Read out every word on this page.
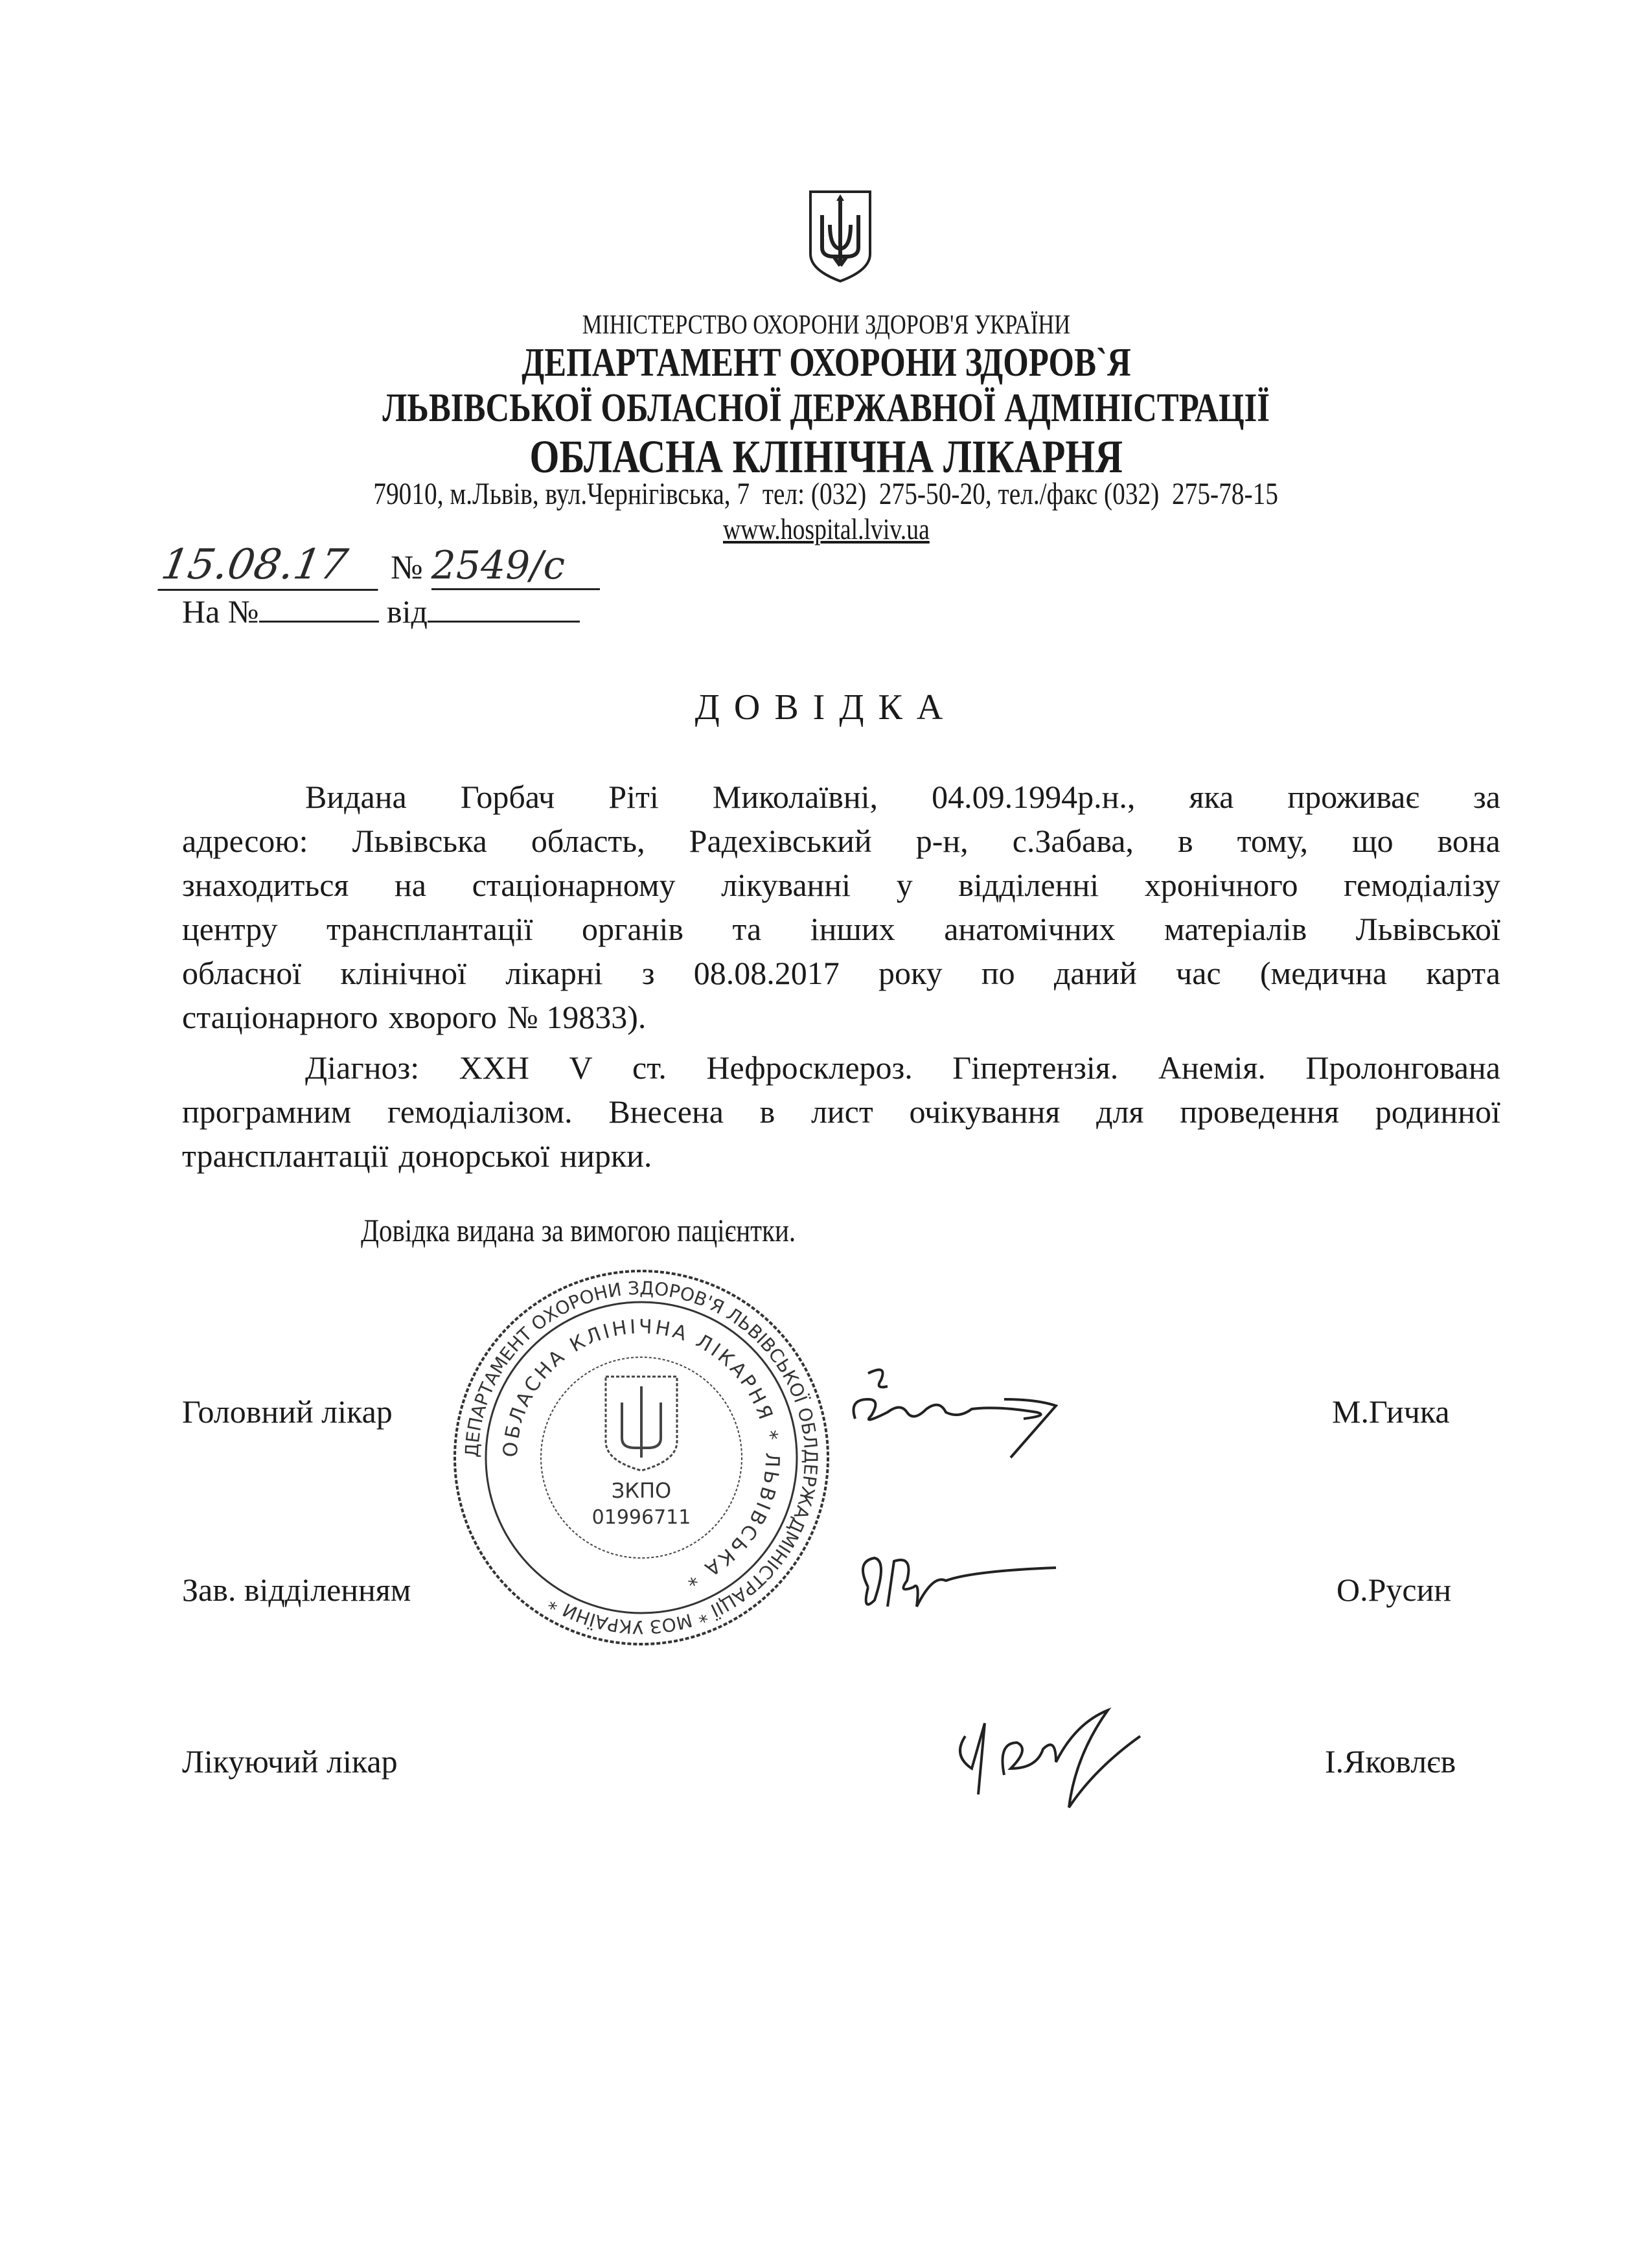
МІНІСТЕРСТВО ОХОРОНИ ЗДОРОВ'Я УКРАЇНИ
ДЕПАРТАМЕНТ ОХОРОНИ ЗДОРОВ`Я
ЛЬВІВСЬКОЇ ОБЛАСНОЇ ДЕРЖАВНОЇ АДМІНІСТРАЦІЇ
ОБЛАСНА КЛІНІЧНА ЛІКАРНЯ
79010, м.Львів, вул.Чернігівська, 7  тел: (032)  275-50-20, тел./факс (032)  275-78-15
www.hospital.lviv.ua
15.08.17 № 2549/с
На №	від
ДОВІДКА
Видана Горбач Ріті Миколаївні, 04.09.1994р.н., яка проживає за
адресою: Львівська область, Радехівський р-н, с.Забава, в тому, що вона
знаходиться на стаціонарному лікуванні у відділенні хронічного гемодіалізу
центру трансплантації органів та інших анатомічних матеріалів Львівської
обласної клінічної лікарні з 08.08.2017 року по даний час (медична карта
стаціонарного хворого № 19833).
Діагноз: ХХН V ст. Нефросклероз. Гіпертензія. Анемія. Пролонгована
програмним гемодіалізом. Внесена в лист очікування для проведення родинної
трансплантації донорської нирки.
Довідка видана за вимогою пацієнтки.
ДЕПАРТАМЕНТ ОХОРОНИ ЗДОРОВ'Я ЛЬВІВСЬКОЇ ОБЛДЕРЖАДМІНІСТРАЦІЇ * МОЗ УКРАЇНИ *
ОБЛАСНА КЛІНІЧНА ЛІКАРНЯ * ЛЬВІВСЬКА *
ЗКПО
01996711
Головний лікар	М.Гичка
Зав. відділенням	О.Русин
Лікуючий лікар	І.Яковлєв
